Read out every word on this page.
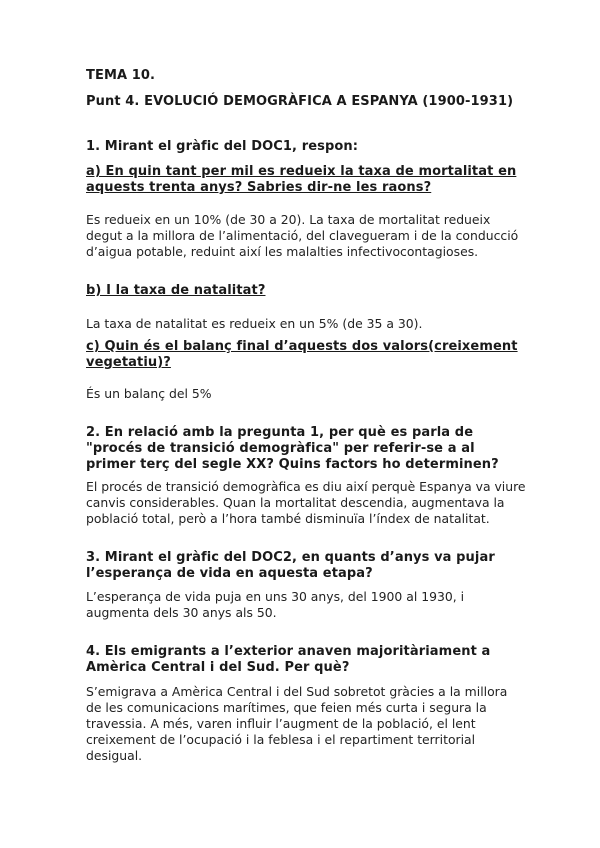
TEMA 10.
Punt 4. EVOLUCIÓ DEMOGRÀFICA A ESPANYA (1900-1931)
1. Mirant el gràfic del DOC1, respon:
a) En quin tant per mil es redueix la taxa de mortalitat en aquests trenta anys? Sabries dir-ne les raons?

Es redueix en un 10% (de 30 a 20). La taxa de mortalitat redueix degut a la millora de l’alimentació, del clavegueram i de la conducció d’aigua potable, reduint així les malalties infectivocontagioses.

b) I la taxa de natalitat?

La taxa de natalitat es redueix en un 5% (de 35 a 30).

c) Quin és el balanç final d’aquests dos valors(creixement vegetatiu)?

És un balanç del 5%

2. En relació amb la pregunta 1, per què es parla de "procés de transició demogràfica" per referir-se a al primer terç del segle XX? Quins factors ho determinen?

El procés de transició demogràfica es diu així perquè Espanya va viure canvis considerables. Quan la mortalitat descendia, augmentava la població total, però a l’hora també disminuïa l’índex de natalitat.

3. Mirant el gràfic del DOC2, en quants d’anys va pujar l’esperança de vida en aquesta etapa?

L’esperança de vida puja en uns 30 anys, del 1900 al 1930, i augmenta dels 30 anys als 50.

4. Els emigrants a l’exterior anaven majoritàriament a Amèrica Central i del Sud. Per què?

S’emigrava a Amèrica Central i del Sud sobretot gràcies a la millora de les comunicacions marítimes, que feien més curta i segura la travessia. A més, varen influir l’augment de la població, el lent creixement de l’ocupació i la feblesa i el repartiment territorial desigual.
